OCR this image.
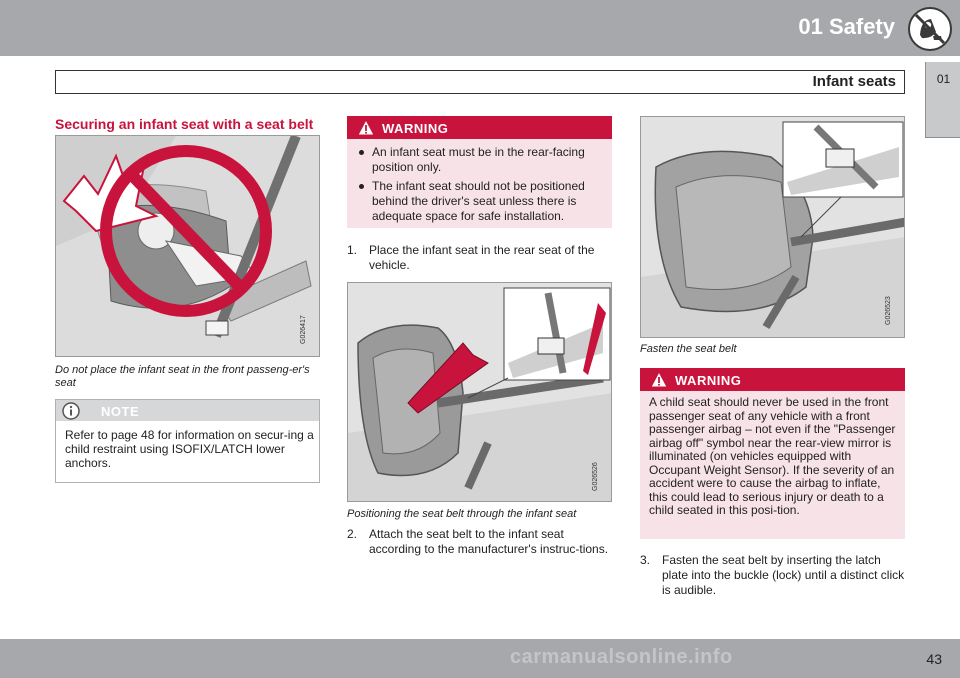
01 Safety
Infant seats	01
Securing an infant seat with a seat belt
G026417
Do not place the infant seat in the front passeng-er's seat
NOTE
Refer to page 48 for information on secur-ing a child restraint using ISOFIX/LATCH lower anchors.
WARNING
An infant seat must be in the rear-facing position only.
The infant seat should not be positioned behind the driver's seat unless there is adequate space for safe installation.
1. Place the infant seat in the rear seat of the vehicle.
G026526
Positioning the seat belt through the infant seat
2. Attach the seat belt to the infant seat according to the manufacturer's instruc-tions.
G026523
Fasten the seat belt
WARNING
A child seat should never be used in the front passenger seat of any vehicle with a front passenger airbag – not even if the "Passenger airbag off" symbol near the rear-view mirror is illuminated (on vehicles equipped with Occupant Weight Sensor). If the severity of an accident were to cause the airbag to inflate, this could lead to serious injury or death to a child seated in this posi-tion.
3. Fasten the seat belt by inserting the latch plate into the buckle (lock) until a distinct click is audible.
carmanualsonline.info	43
